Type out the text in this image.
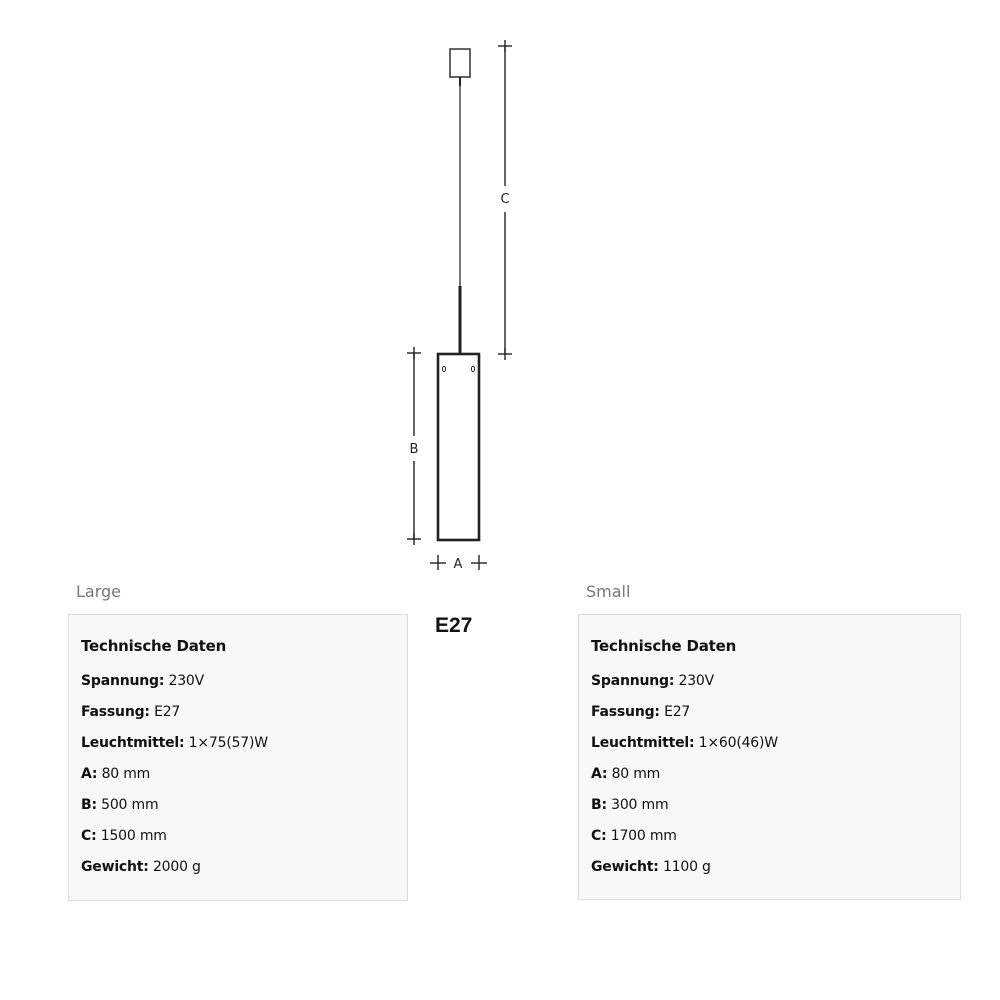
C
B
A
Large	Small
E27
Technische Daten
Spannung: 230V
Fassung: E27
Leuchtmittel: 1×75(57)W
A: 80 mm
B: 500 mm
C: 1500 mm
Gewicht: 2000 g
Technische Daten
Spannung: 230V
Fassung: E27
Leuchtmittel: 1×60(46)W
A: 80 mm
B: 300 mm
C: 1700 mm
Gewicht: 1100 g
